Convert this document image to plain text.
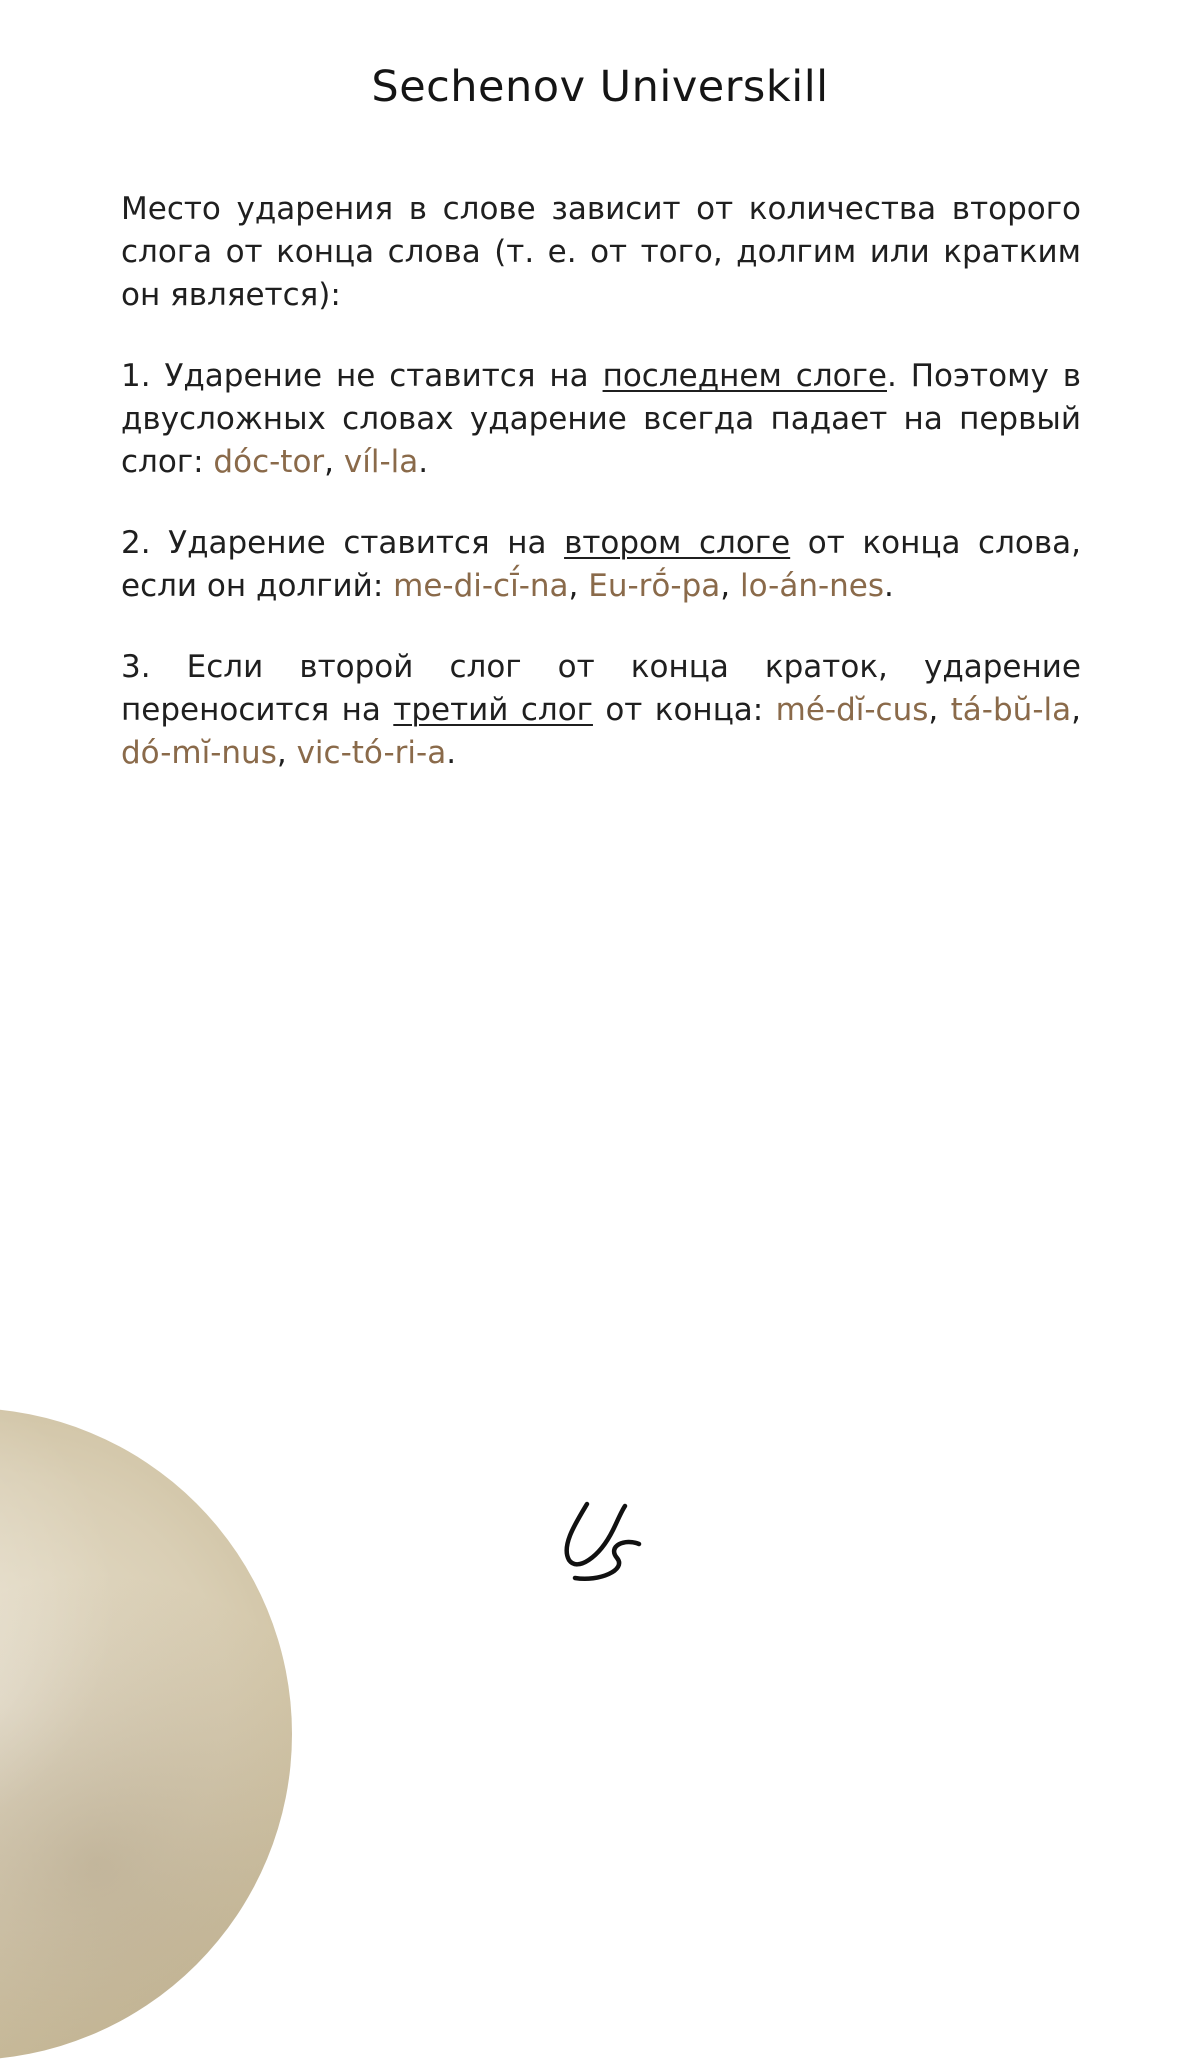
Sechenov Universkill

Место ударения в слове зависит от количества второго слога от конца слова (т. е. от того, долгим или кратким он является):

1. Ударение не ставится на последнем слоге. Поэтому в двусложных словах ударение всегда падает на первый слог: dóc-tor, víl-la.

2. Ударение ставится на втором слоге от конца слова, если он долгий: me-di-cī́-na, Eu-rṓ-pa, lo-án-nes.

3. Если второй слог от конца краток, ударение переносится на третий слог от конца: mé-dĭ-cus, tá-bŭ-la, dó-mĭ-nus, vic-tó-ri-a.
